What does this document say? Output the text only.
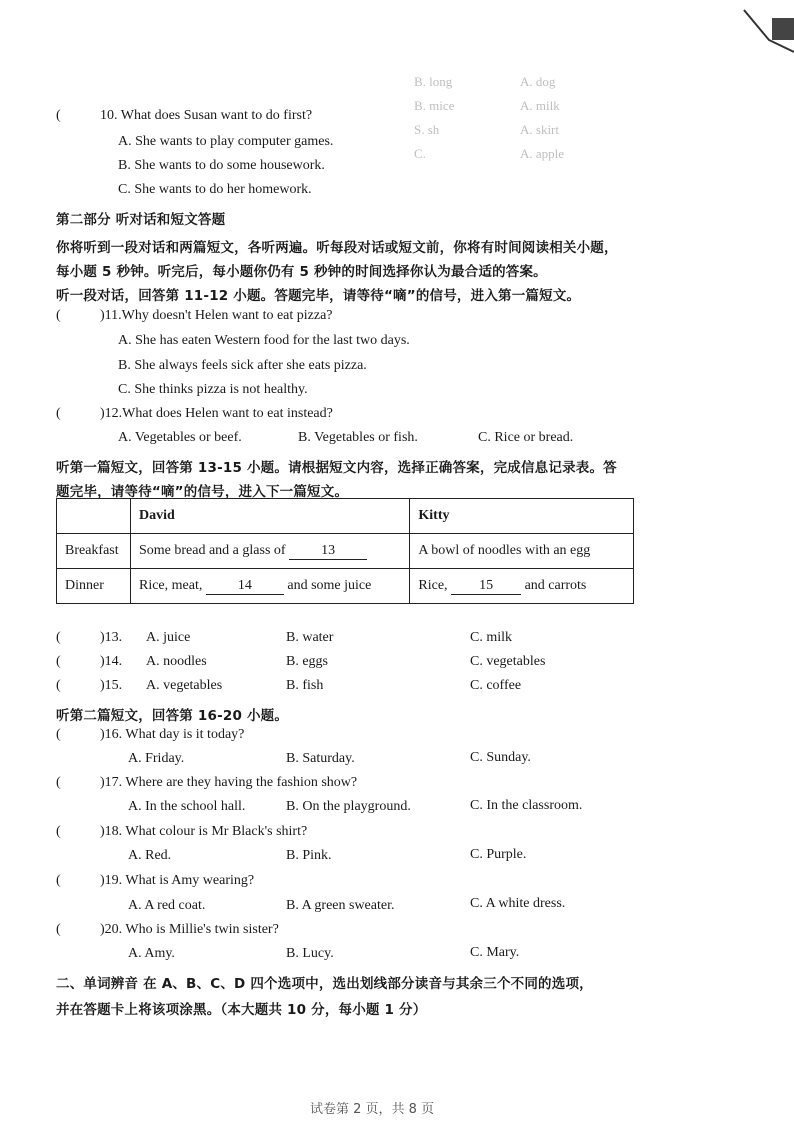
B. long
B. mice
S. sh
C.
A. dog
A. milk
A. skirt
A. apple
(	10. What does Susan want to do first?
A. She wants to play computer games.
B. She wants to do some housework.
C. She wants to do her homework.
第二部分 听对话和短文答题
你将听到一段对话和两篇短文，各听两遍。听每段对话或短文前，你将有时间阅读相关小题，
每小题 5 秒钟。听完后，每小题你仍有 5 秒钟的时间选择你认为最合适的答案。
听一段对话，回答第 11-12 小题。答题完毕，请等待“嘀”的信号，进入第一篇短文。
(	)11.Why doesn't Helen want to eat pizza?
A. She has eaten Western food for the last two days.
B. She always feels sick after she eats pizza.
C. She thinks pizza is not healthy.
(	)12.What does Helen want to eat instead?
A. Vegetables or beef.	B. Vegetables or fish.	C. Rice or bread.
听第一篇短文，回答第 13-15 小题。请根据短文内容，选择正确答案，完成信息记录表。答
题完毕，请等待“嘀”的信号，进入下一篇短文。
	David	Kitty
Breakfast	Some bread and a glass of 13	A bowl of noodles with an egg
Dinner	Rice, meat, 14 and some juice	Rice, 15 and carrots
(	)13. A. juice	B. water	C. milk
(	)14. A. noodles	B. eggs	C. vegetables
(	)15. A. vegetables	B. fish	C. coffee
听第二篇短文，回答第 16-20 小题。
(	)16. What day is it today?
A. Friday.	B. Saturday.	C. Sunday.
(	)17. Where are they having the fashion show?
A. In the school hall.	B. On the playground.	C. In the classroom.
(	)18. What colour is Mr Black's shirt?
A. Red.	B. Pink.	C. Purple.
(	)19. What is Amy wearing?
A. A red coat.	B. A green sweater.	C. A white dress.
(	)20. Who is Millie's twin sister?
A. Amy.	B. Lucy.	C. Mary.
二、单词辨音 在 A、B、C、D 四个选项中，选出划线部分读音与其余三个不同的选项，
并在答题卡上将该项涂黑。（本大题共 10 分，每小题 1 分）
试卷第 2 页，共 8 页
